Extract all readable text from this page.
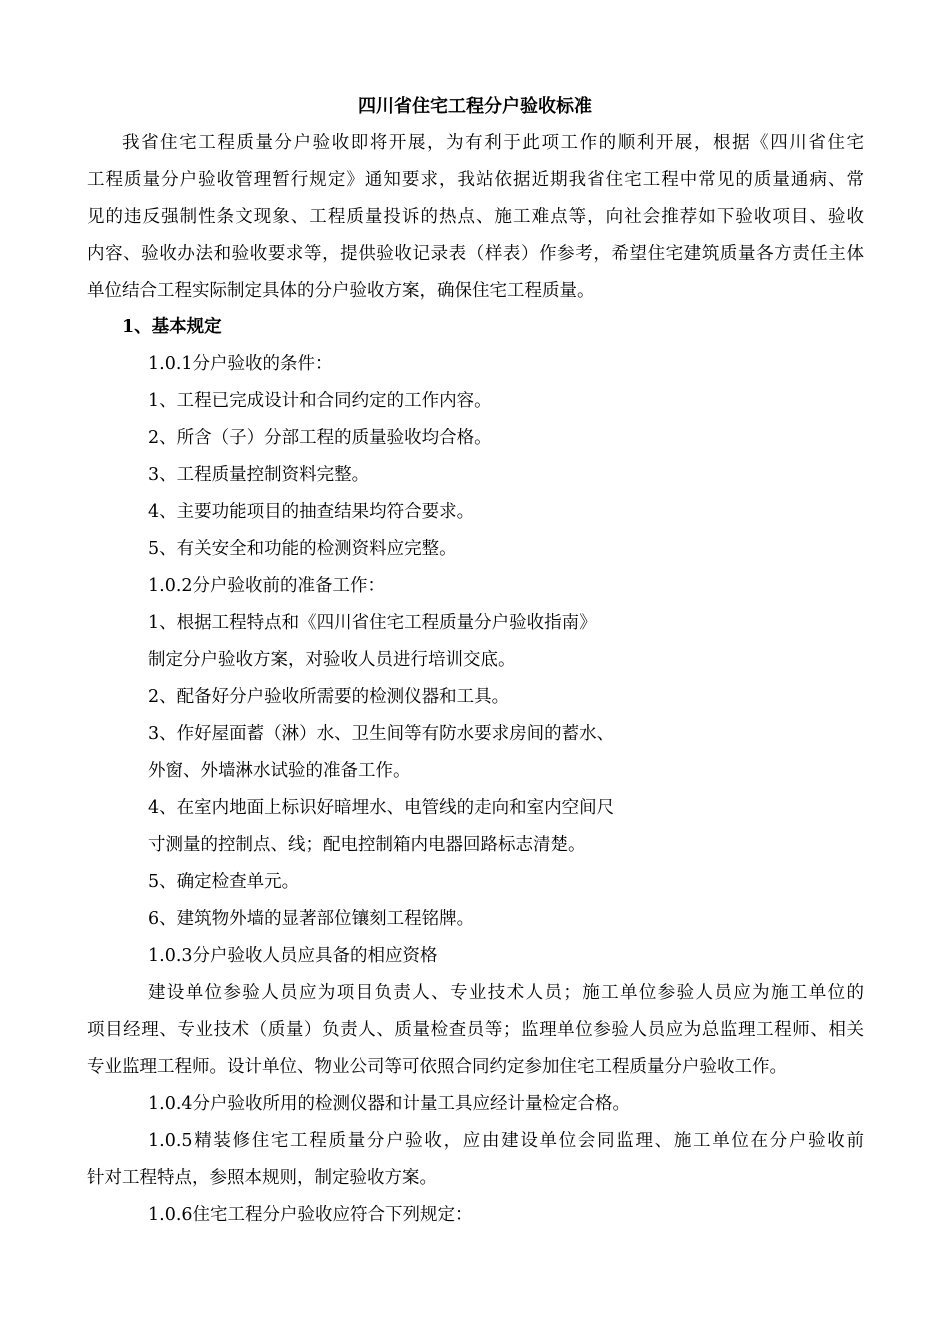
四川省住宅工程分户验收标准
我省住宅工程质量分户验收即将开展，为有利于此项工作的顺利开展，根据《四川省住宅
工程质量分户验收管理暂行规定》通知要求，我站依据近期我省住宅工程中常见的质量通病、常
见的违反强制性条文现象、工程质量投诉的热点、施工难点等，向社会推荐如下验收项目、验收
内容、验收办法和验收要求等，提供验收记录表（样表）作参考，希望住宅建筑质量各方责任主体
单位结合工程实际制定具体的分户验收方案，确保住宅工程质量。
1、基本规定
1.0.1分户验收的条件：
1、工程已完成设计和合同约定的工作内容。
2、所含（子）分部工程的质量验收均合格。
3、工程质量控制资料完整。
4、主要功能项目的抽查结果均符合要求。
5、有关安全和功能的检测资料应完整。
1.0.2分户验收前的准备工作：
1、根据工程特点和《四川省住宅工程质量分户验收指南》
制定分户验收方案，对验收人员进行培训交底。
2、配备好分户验收所需要的检测仪器和工具。
3、作好屋面蓄（淋）水、卫生间等有防水要求房间的蓄水、
外窗、外墙淋水试验的准备工作。
4、在室内地面上标识好暗埋水、电管线的走向和室内空间尺
寸测量的控制点、线；配电控制箱内电器回路标志清楚。
5、确定检查单元。
6、建筑物外墙的显著部位镶刻工程铭牌。
1.0.3分户验收人员应具备的相应资格
建设单位参验人员应为项目负责人、专业技术人员；施工单位参验人员应为施工单位的
项目经理、专业技术（质量）负责人、质量检查员等；监理单位参验人员应为总监理工程师、相关
专业监理工程师。设计单位、物业公司等可依照合同约定参加住宅工程质量分户验收工作。
1.0.4分户验收所用的检测仪器和计量工具应经计量检定合格。
1.0.5精装修住宅工程质量分户验收，应由建设单位会同监理、施工单位在分户验收前
针对工程特点，参照本规则，制定验收方案。
1.0.6住宅工程分户验收应符合下列规定：
